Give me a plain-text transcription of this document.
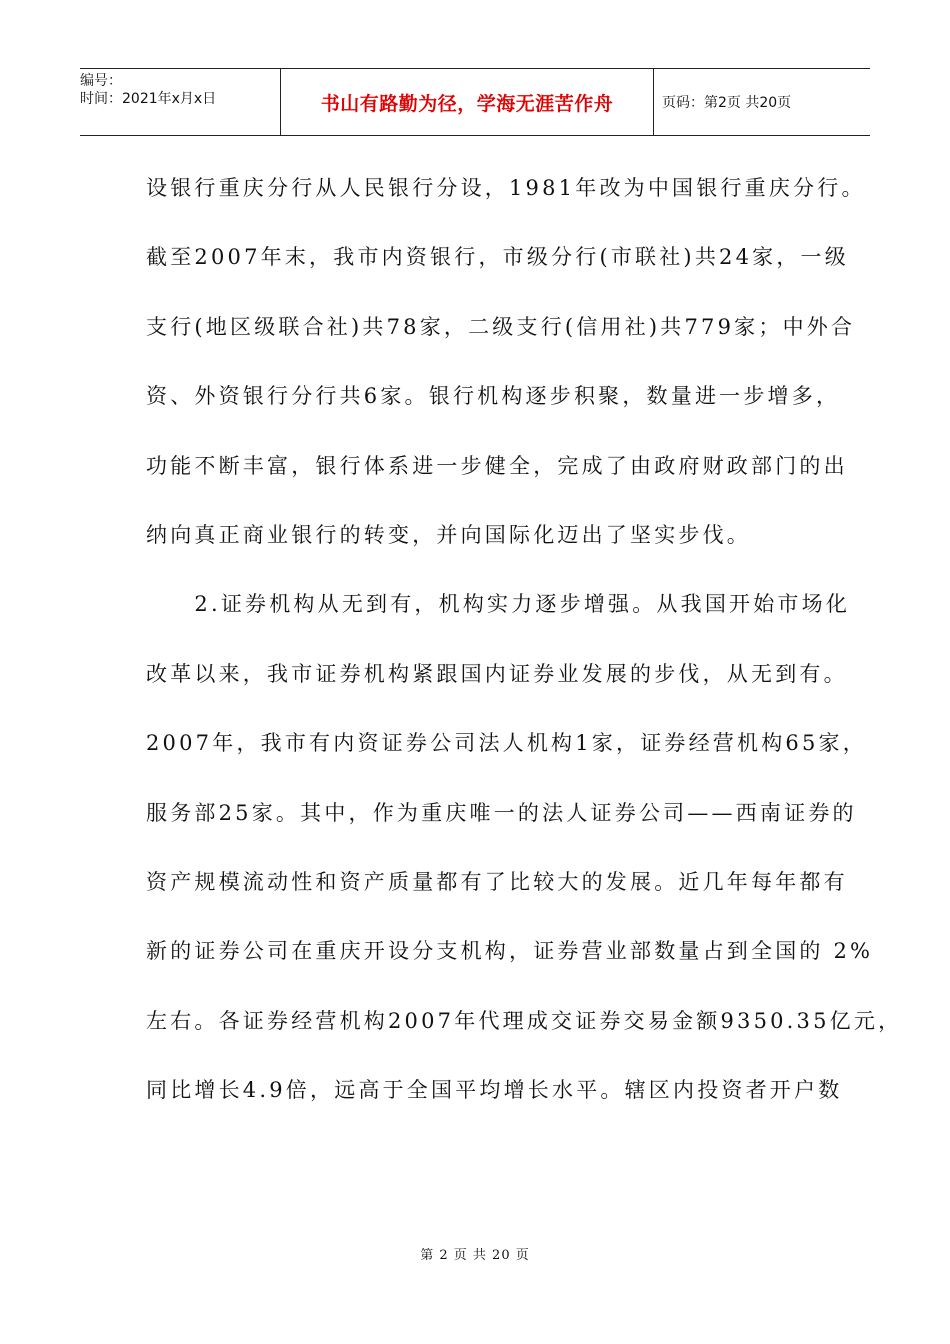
编号：
时间：2021年x月x日	书山有路勤为径，学海无涯苦作舟	页码：第2页 共20页
设银行重庆分行从人民银行分设，1981年改为中国银行重庆分行。
截至2007年末，我市内资银行，市级分行(市联社)共24家，一级
支行(地区级联合社)共78家，二级支行(信用社)共779家；中外合
资、外资银行分行共6家。银行机构逐步积聚，数量进一步增多，
功能不断丰富，银行体系进一步健全，完成了由政府财政部门的出
纳向真正商业银行的转变，并向国际化迈出了坚实步伐。
　　2.证券机构从无到有，机构实力逐步增强。从我国开始市场化
改革以来，我市证券机构紧跟国内证券业发展的步伐，从无到有。
2007年，我市有内资证券公司法人机构1家，证券经营机构65家，
服务部25家。其中，作为重庆唯一的法人证券公司——西南证券的
资产规模流动性和资产质量都有了比较大的发展。近几年每年都有
新的证券公司在重庆开设分支机构，证券营业部数量占到全国的 2%
左右。各证券经营机构2007年代理成交证券交易金额9350.35亿元，
同比增长4.9倍，远高于全国平均增长水平。辖区内投资者开户数
第 2 页 共 20 页
